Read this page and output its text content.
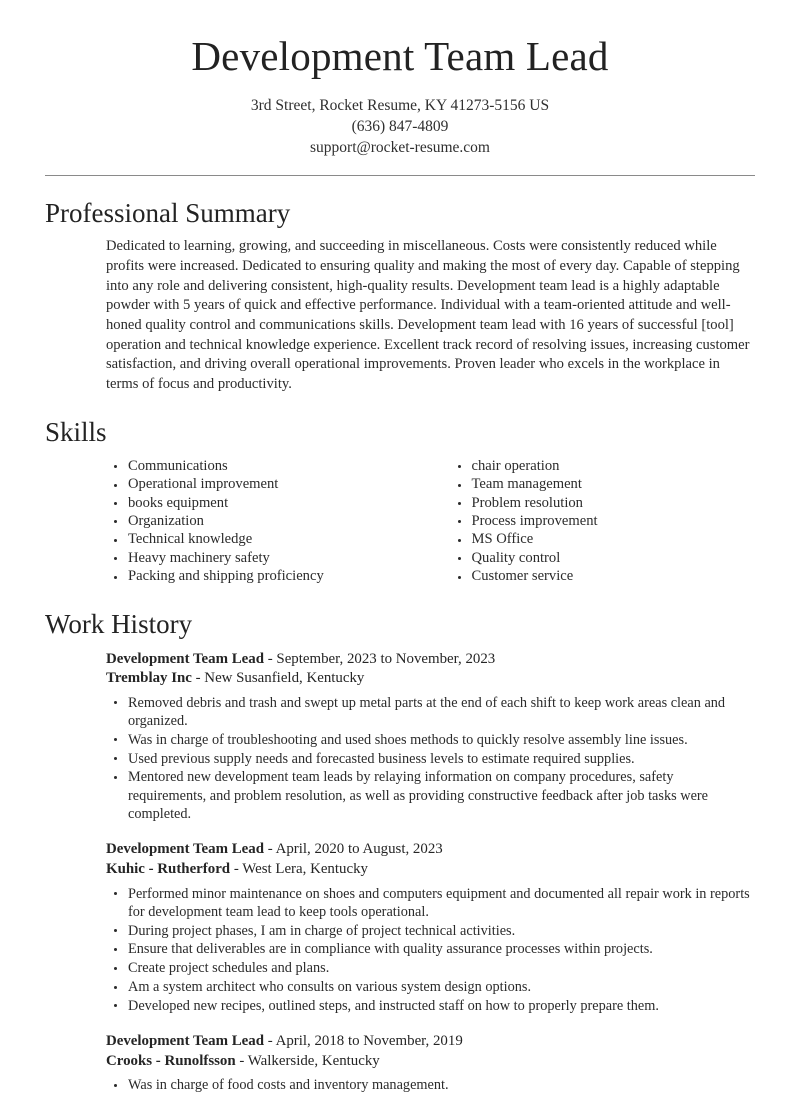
Development Team Lead

3rd Street, Rocket Resume, KY 41273-5156 US

(636) 847-4809

support@rocket-resume.com

Professional Summary

Dedicated to learning, growing, and succeeding in miscellaneous. Costs were consistently reduced while profits were increased. Dedicated to ensuring quality and making the most of every day. Capable of stepping into any role and delivering consistent, high-quality results. Development team lead is a highly adaptable powder with 5 years of quick and effective performance. Individual with a team-oriented attitude and well-honed quality control and communications skills. Development team lead with 16 years of successful [tool] operation and technical knowledge experience. Excellent track record of resolving issues, increasing customer satisfaction, and driving overall operational improvements. Proven leader who excels in the workplace in terms of focus and productivity.

Skills
Communications
Operational improvement
books equipment
Organization
Technical knowledge
Heavy machinery safety
Packing and shipping proficiency
chair operation
Team management
Problem resolution
Process improvement
MS Office
Quality control
Customer service
Work History
Development Team Lead - September, 2023 to November, 2023
Tremblay Inc - New Susanfield, Kentucky
Removed debris and trash and swept up metal parts at the end of each shift to keep work areas clean and organized.
Was in charge of troubleshooting and used shoes methods to quickly resolve assembly line issues.
Used previous supply needs and forecasted business levels to estimate required supplies.
Mentored new development team leads by relaying information on company procedures, safety requirements, and problem resolution, as well as providing constructive feedback after job tasks were completed.
Development Team Lead - April, 2020 to August, 2023
Kuhic - Rutherford - West Lera, Kentucky
Performed minor maintenance on shoes and computers equipment and documented all repair work in reports for development team lead to keep tools operational.
During project phases, I am in charge of project technical activities.
Ensure that deliverables are in compliance with quality assurance processes within projects.
Create project schedules and plans.
Am a system architect who consults on various system design options.
Developed new recipes, outlined steps, and instructed staff on how to properly prepare them.
Development Team Lead - April, 2018 to November, 2019
Crooks - Runolfsson - Walkerside, Kentucky
Was in charge of food costs and inventory management.
